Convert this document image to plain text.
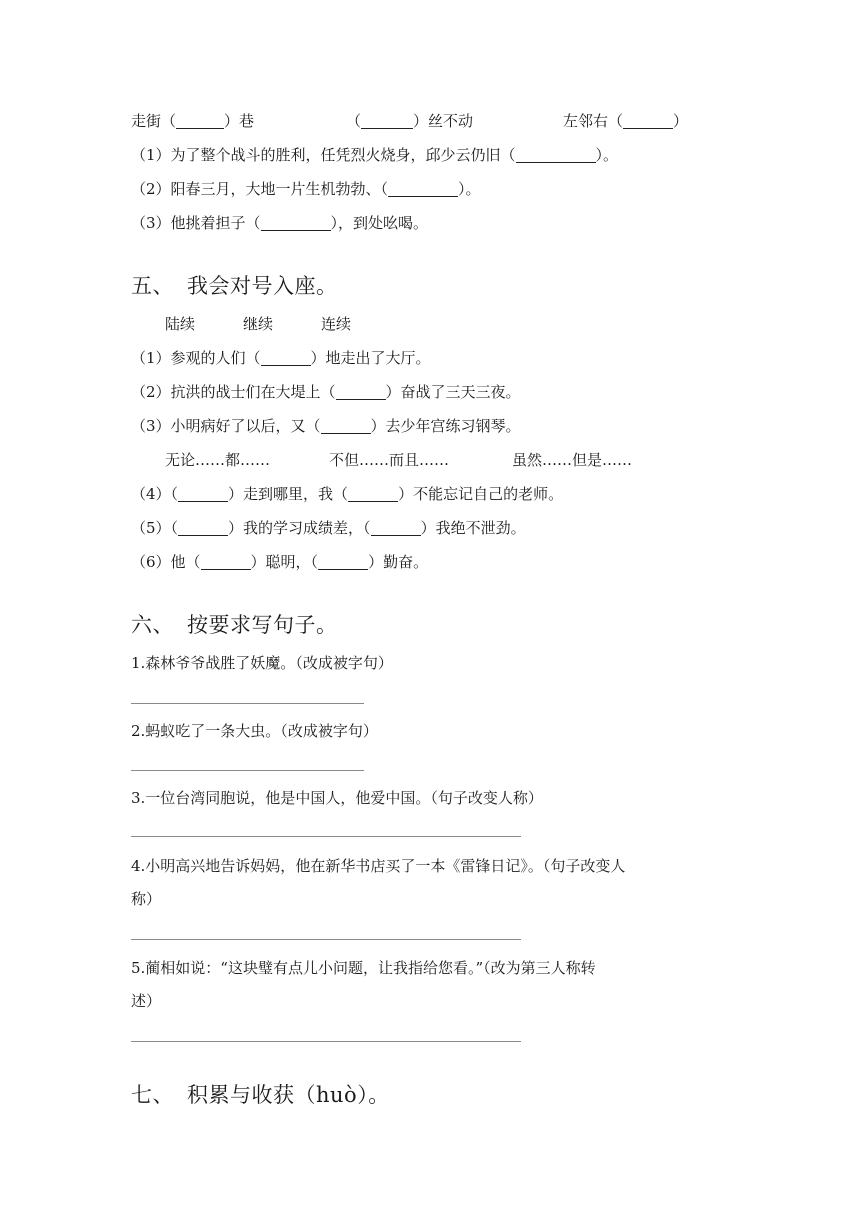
走街（	）巷	（	）丝不动	左邻右（	）
（1）为了整个战斗的胜利，任凭烈火烧身，邱少云仍旧（	）。
（2）阳春三月，大地一片生机勃勃、（	）。
（3）他挑着担子（	），到处吆喝。
五、 我会对号入座。
陆续	继续	连续
（1）参观的人们（	）地走出了大厅。
（2）抗洪的战士们在大堤上（	）奋战了三天三夜。
（3）小明病好了以后，又（	）去少年宫练习钢琴。
无论……都……	不但……而且……	虽然……但是……
（4）（	）走到哪里，我（	）不能忘记自己的老师。
（5）（	）我的学习成绩差，（	）我绝不泄劲。
（6）他（	）聪明，（	）勤奋。
六、 按要求写句子。
1.森林爷爷战胜了妖魔。（改成被字句）
2.蚂蚁吃了一条大虫。（改成被字句）
3.一位台湾同胞说，他是中国人，他爱中国。（句子改变人称）
4.小明高兴地告诉妈妈，他在新华书店买了一本《雷锋日记》。（句子改变人
称）
5.蔺相如说：“这块璧有点儿小问题，让我指给您看。”（改为第三人称转
述）
七、 积累与收获（huò）。
